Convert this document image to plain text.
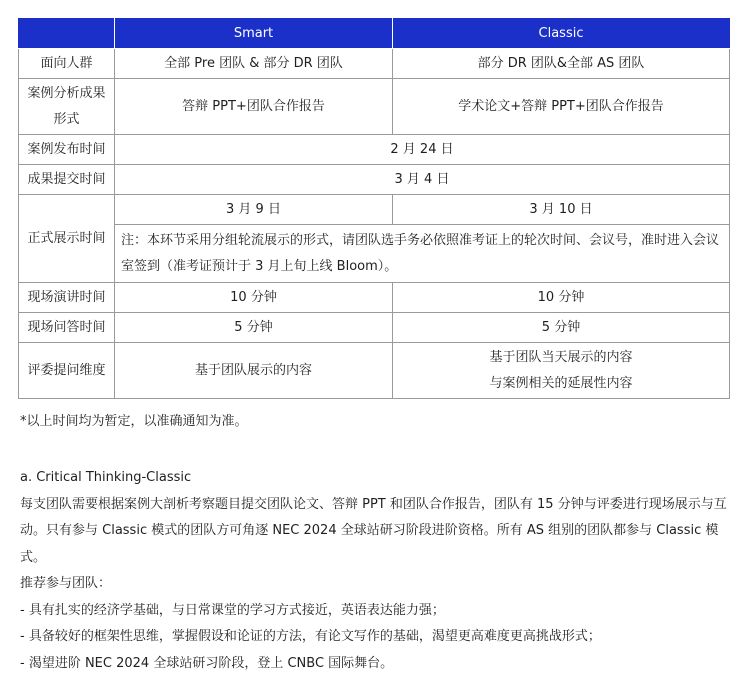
	Smart	Classic
面向人群	全部 Pre 团队 & 部分 DR 团队	部分 DR 团队&全部 AS 团队
案例分析成果
形式	答辩 PPT+团队合作报告	学术论文+答辩 PPT+团队合作报告
案例发布时间	2 月 24 日	
成果提交时间	3 月 4 日	
正式展示时间	3 月 9 日	3 月 10 日
	注：本环节采用分组轮流展示的形式，请团队选手务必依照准考证上的轮次时间、会议号，准时进入会议室签到（准考证预计于 3 月上旬上线 Bloom）。	
现场演讲时间	10 分钟	10 分钟
现场问答时间	5 分钟	5 分钟
评委提问维度	基于团队展示的内容	基于团队当天展示的内容
与案例相关的延展性内容

*以上时间均为暂定，以准确通知为准。

a. Critical Thinking-Classic

每支团队需要根据案例大剖析考察题目提交团队论文、答辩 PPT 和团队合作报告，团队有 15 分钟与评委进行现场展示与互动。只有参与 Classic 模式的团队方可角逐 NEC 2024 全球站研习阶段进阶资格。所有 AS 组别的团队都参与 Classic 模式。

推荐参与团队：

- 具有扎实的经济学基础，与日常课堂的学习方式接近，英语表达能力强；

- 具备较好的框架性思维，掌握假设和论证的方法，有论文写作的基础，渴望更高难度更高挑战形式；

- 渴望进阶 NEC 2024 全球站研习阶段，登上 CNBC 国际舞台。
